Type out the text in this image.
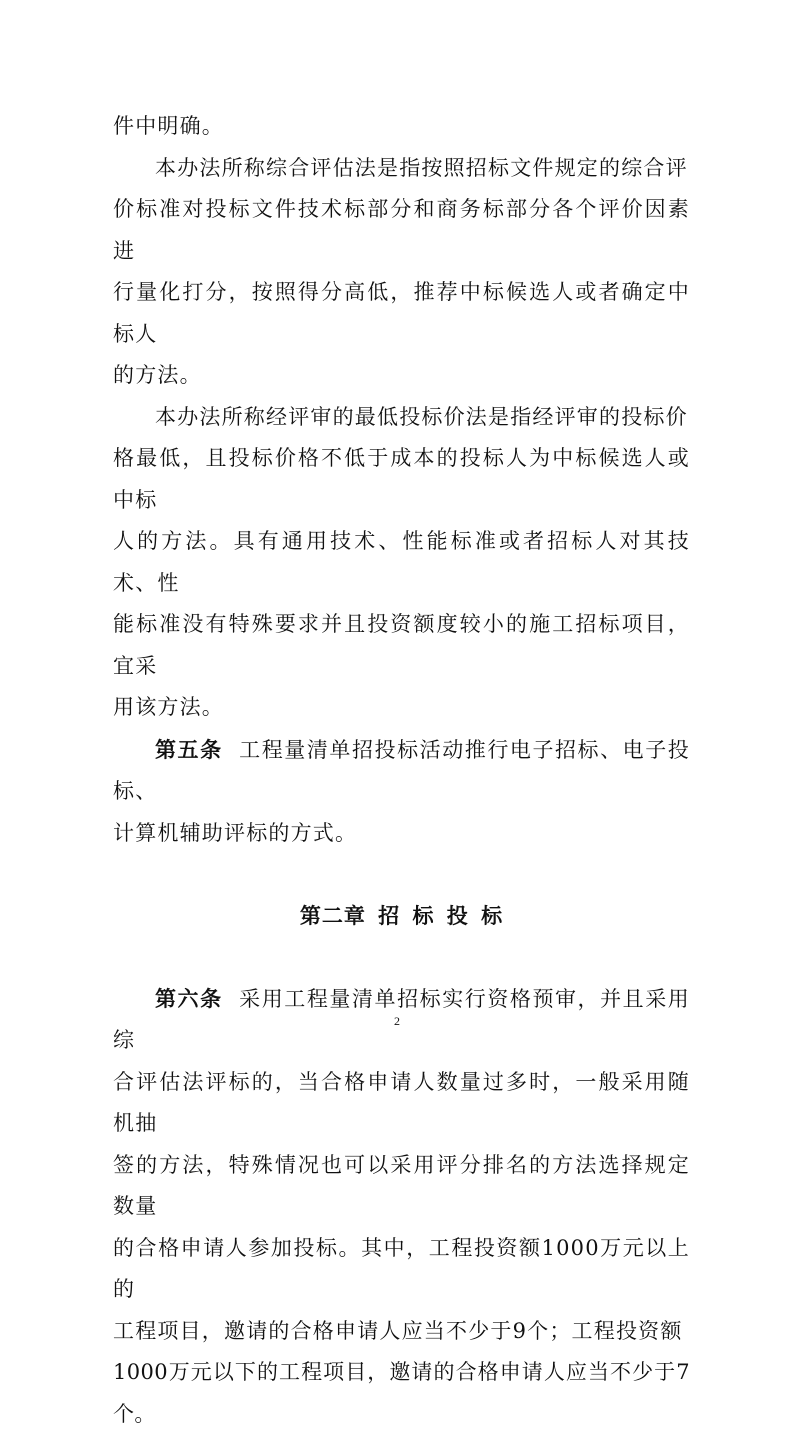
件中明确。

本办法所称综合评估法是指按照招标文件规定的综合评
价标准对投标文件技术标部分和商务标部分各个评价因素进
行量化打分，按照得分高低，推荐中标候选人或者确定中标人
的方法。

本办法所称经评审的最低投标价法是指经评审的投标价
格最低，且投标价格不低于成本的投标人为中标候选人或中标
人的方法。具有通用技术、性能标准或者招标人对其技术、性
能标准没有特殊要求并且投资额度较小的施工招标项目，宜采
用该方法。

第五条 工程量清单招投标活动推行电子招标、电子投标、
计算机辅助评标的方式。

第二章 招 标 投 标

第六条 采用工程量清单招标实行资格预审，并且采用综
合评估法评标的，当合格申请人数量过多时，一般采用随机抽
签的方法，特殊情况也可以采用评分排名的方法选择规定数量
的合格申请人参加投标。其中，工程投资额1000万元以上的
工程项目，邀请的合格申请人应当不少于9个；工程投资额
1000万元以下的工程项目，邀请的合格申请人应当不少于7个。

2
